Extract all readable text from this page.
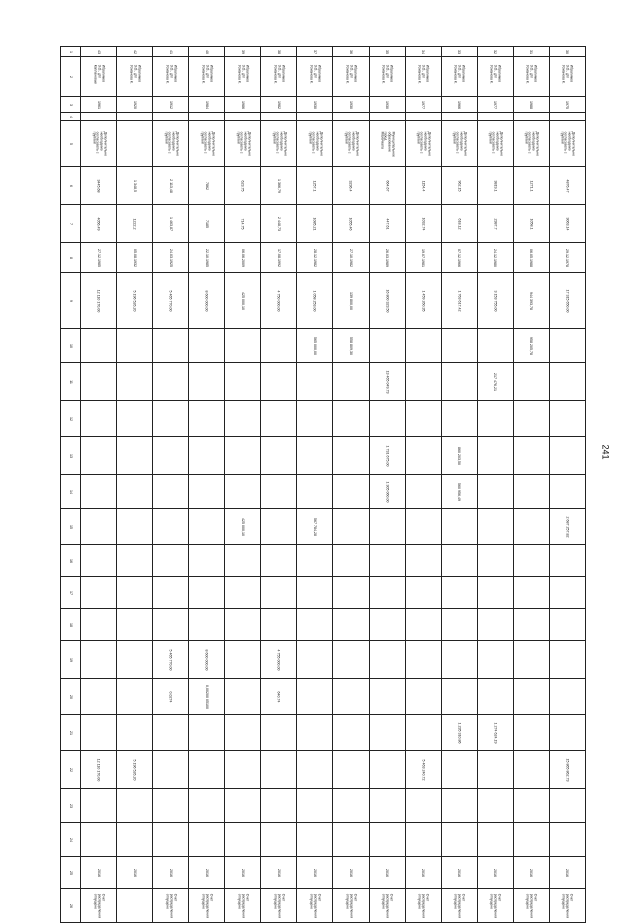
241
1	43	42	41	40	39	38	37	36	35	34	33	32	31	30

2	Ибрагимов З.О., д/л Каплановых	Ибрагимов З.О., д/л Усманова К.	Ибрагимов З.О., д/л Усманова К.	Ибрагимов З.О., д/л Усманова К.	Ибрагимов З.О., д/л Усманова К.	Ибрагимов З.О., д/л Усманова К.	Ибрагимов З.О., д/л Усманова К.	Ибрагимов З.О., д/л Усманова К.	Ибрагимов З.О., д/л Усманова К.	Ибрагимов З.О., д/л Усманова К.	Ибрагимов З.О., д/л Усманова К.	Ибрагимов З.О., д/л Усманова К.	Ибрагимов З.О., д/л Усманова К.	Ибрагимов З.О., д/л Усманова К.

3	1961	1920	1912	1984	1986	1982	1930	1930	1930	1977	1966	1977	1988	1975

4														

5	Дополнительно необходимо согласовать с группой		Дополнительно необходимо согласовать с группой	Дополнительно необходимо согласовать с группой	Дополнительно необходимо согласовать с группой	Дополнительно необходимо согласовать с группой	Дополнительно необходимо согласовать с группой	Дополнительно необходимо согласовать с группой	Муниципальное образование город Махачкала	Дополнительно необходимо согласовать с группой	Дополнительно необходимо согласовать с группой	Дополнительно необходимо согласовать с группой	Дополнительно необходимо согласовать с группой	Дополнительно необходимо согласовать с группой

6	3445,68	1 348,5	2 113,48	7862	623,75	1 366,79	1257,1	3236,4	664,67	1154,4	962,15	3819,1	1271,1	4876,47

7	4056,49	1222,2	1 463,87	7185	714,75	2 448,73	1085,21	1055,46	447,61	1032,74	618,12	2387,7	1058,1	3063,14

8	27.12.1985	05.08.1932	24.03.1925	22.10.1985	06.06.2009	17.08.1992	28.12.1982	27.10.1982	26.03.1989	19.07.1981	07.12.1966	24.12.1980	06.05.1988	29.12.1978

9	12 110 170,00	5 196 526,20	5 465 770,00	8 600 000,00	425 000,10	4 750 000,00	1 058 253,00	139 800,00	16 800 323,50	1 459 260,35	1 763 617,42	3 153 755,00	944 393,78	17 315 650,00

10							565 000,00	558 809,30					958 205,78	

11									13 465 049,73			217 476,21		

12														

13									1 731 675,00		860 203,50			

14									1 305 060,00		560 956,49			

15					425 000,10		567 784,28							2 687 257,82

16														

17														

18														

19			5 465 770,00	8 600 000,00		4 755 000,00								

20			0,0274	0,00200 05100		640,74								

21											1 235 310,86	1 274 624,19		

22	12 110 170,00	5 196 526,20								5 463 240,72				15 865 862,73

23														

24														

25	2016	2016	2016	2016	2016	2016	2016	2016	2016	2016	2016	2016	2016	2016

26	Счет распределения отпущено		Счет распределения отпущено	Счет распределения отпущено	Счет распределения отпущено	Счет распределения отпущено	Счет распределения отпущено	Счет распределения отпущено	Счет распределения отпущено	Счет распределения отпущено	Счет распределения отпущено	Счет распределения отпущено	Счет распределения отпущено	Счет распределения отпущено
